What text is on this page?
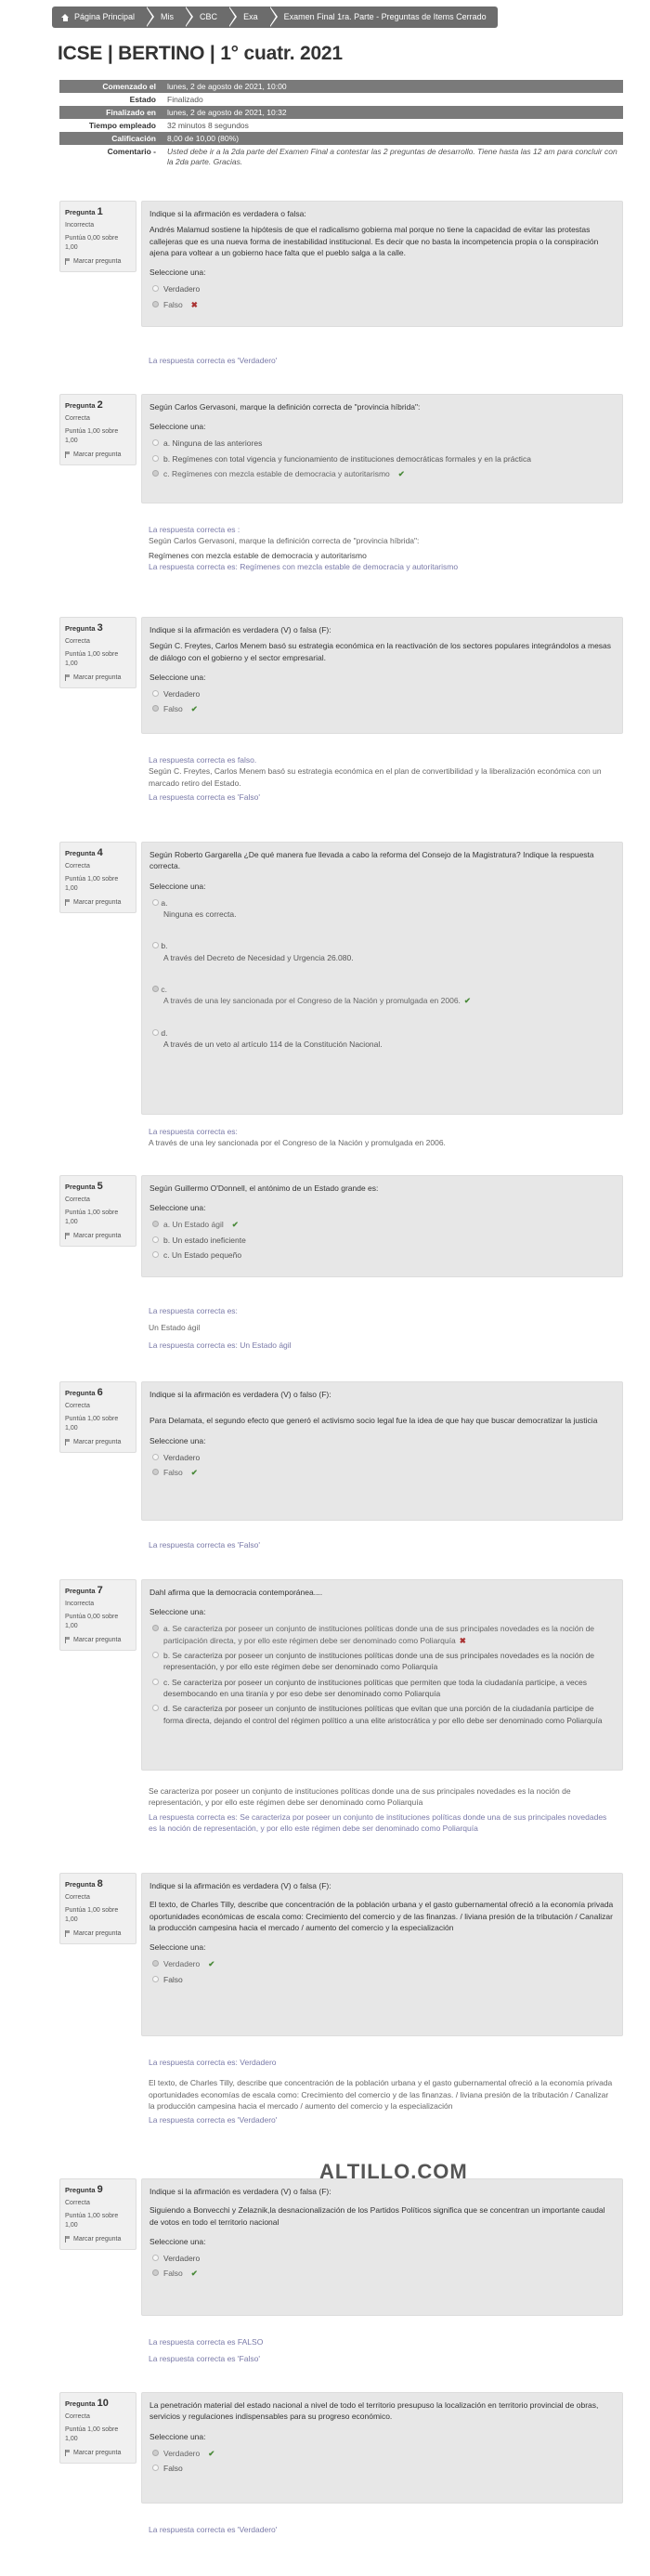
Página Principal	Mis	CBC	Exa	Examen Final 1ra. Parte - Preguntas de Items Cerrado
ICSE | BERTINO | 1° cuatr. 2021
Comenzado el	lunes, 2 de agosto de 2021, 10:00
Estado	Finalizado
Finalizado en	lunes, 2 de agosto de 2021, 10:32
Tiempo empleado	32 minutos 8 segundos
Calificación	8,00 de 10,00 (80%)
Comentario -	Usted debe ir a la 2da parte del Examen Final a contestar las 2 preguntas de desarrollo. Tiene hasta las 12 am para concluir con la 2da parte. Gracias.
Pregunta 1
Incorrecta
Puntúa 0,00 sobre 1,00
Marcar pregunta

Indique si la afirmación es verdadera o falsa:

Andrés Malamud sostiene la hipótesis de que el radicalismo gobierna mal porque no tiene la capacidad de evitar las protestas callejeras que es una nueva forma de inestabilidad institucional. Es decir que no basta la incompetencia propia o la conspiración ajena para voltear a un gobierno hace falta que el pueblo salga a la calle.

Seleccione una:
Verdadero
Falso ✖
La respuesta correcta es 'Verdadero'
Pregunta 2
Correcta
Puntúa 1,00 sobre 1,00
Marcar pregunta

Según Carlos Gervasoni, marque la definición correcta de "provincia híbrida":

Seleccione una:
a. Ninguna de las anteriores
b. Regímenes con total vigencia y funcionamiento de instituciones democráticas formales y en la práctica
c. Regímenes con mezcla estable de democracia y autoritarismo ✔
La respuesta correcta es :
Según Carlos Gervasoni, marque la definición correcta de "provincia híbrida":
Regímenes con mezcla estable de democracia y autoritarismo
La respuesta correcta es: Regímenes con mezcla estable de democracia y autoritarismo
Pregunta 3
Correcta
Puntúa 1,00 sobre 1,00
Marcar pregunta

Indique si la afirmación es verdadera (V) o falsa (F):

Según C. Freytes, Carlos Menem basó su estrategia económica en la reactivación de los sectores populares integrándolos a mesas de diálogo con el gobierno y el sector empresarial.

Seleccione una:
Verdadero
Falso ✔
La respuesta correcta es falso.
Según C. Freytes, Carlos Menem basó su estrategia económica en el plan de convertibilidad y la liberalización económica con un marcado retiro del Estado.
La respuesta correcta es 'Falso'
Pregunta 4
Correcta
Puntúa 1,00 sobre 1,00
Marcar pregunta

Según Roberto Gargarella ¿De qué manera fue llevada a cabo la reforma del Consejo de la Magistratura? Indique la respuesta correcta.

Seleccione una:
a.
Ninguna es correcta.
b.
A través del Decreto de Necesidad y Urgencia 26.080.
c.
A través de una ley sancionada por el Congreso de la Nación y promulgada en 2006. ✔
d.
A través de un veto al artículo 114 de la Constitución Nacional.
La respuesta correcta es:
A través de una ley sancionada por el Congreso de la Nación y promulgada en 2006.
Pregunta 5
Correcta
Puntúa 1,00 sobre 1,00
Marcar pregunta

Según Guillermo O'Donnell, el antónimo de un Estado grande es:

Seleccione una:
a. Un Estado ágil ✔
b. Un estado ineficiente
c. Un Estado pequeño
La respuesta correcta es:
Un Estado ágil
La respuesta correcta es: Un Estado ágil
Pregunta 6
Correcta
Puntúa 1,00 sobre 1,00
Marcar pregunta

Indique si la afirmación es verdadera (V) o falso (F):

Para Delamata, el segundo efecto que generó el activismo socio legal fue la idea de que hay que buscar democratizar la justicia

Seleccione una:
Verdadero
Falso ✔
La respuesta correcta es 'Falso'
Pregunta 7
Incorrecta
Puntúa 0,00 sobre 1,00
Marcar pregunta

Dahl afirma que la democracia contemporánea....

Seleccione una:
a. Se caracteriza por poseer un conjunto de instituciones políticas donde una de sus principales novedades es la noción de participación directa, y por ello este régimen debe ser denominado como Poliarquía ✖
b. Se caracteriza por poseer un conjunto de instituciones políticas donde una de sus principales novedades es la noción de representación, y por ello este régimen debe ser denominado como Poliarquía
c. Se caracteriza por poseer un conjunto de instituciones políticas que permiten que toda la ciudadanía participe, a veces desembocando en una tiranía y por eso debe ser denominado como Poliarquía
d. Se caracteriza por poseer un conjunto de instituciones políticas que evitan que una porción de la ciudadanía participe de forma directa, dejando el control del régimen político a una elite aristocrática y por ello debe ser denominado como Poliarquía
Se caracteriza por poseer un conjunto de instituciones políticas donde una de sus principales novedades es la noción de representación, y por ello este régimen debe ser denominado como Poliarquía
La respuesta correcta es: Se caracteriza por poseer un conjunto de instituciones políticas donde una de sus principales novedades es la noción de representación, y por ello este régimen debe ser denominado como Poliarquía
Pregunta 8
Correcta
Puntúa 1,00 sobre 1,00
Marcar pregunta

Indique si la afirmación es verdadera (V) o falsa (F):

El texto, de Charles Tilly, describe que concentración de la población urbana y el gasto gubernamental ofreció a la economía privada oportunidades económicas de escala como: Crecimiento del comercio y de las finanzas. / liviana presión de la tributación / Canalizar la producción campesina hacia el mercado / aumento del comercio y la especialización

Seleccione una:
Verdadero ✔
Falso
La respuesta correcta es: Verdadero
El texto, de Charles Tilly, describe que concentración de la población urbana y el gasto gubernamental ofreció a la economía privada oportunidades economías de escala como: Crecimiento del comercio y de las finanzas. / liviana presión de la tributación / Canalizar la producción campesina hacia el mercado / aumento del comercio y la especialización
La respuesta correcta es 'Verdadero'
Pregunta 9
Correcta
Puntúa 1,00 sobre 1,00
Marcar pregunta

Indique si la afirmación es verdadera (V) o falsa (F):

Siguiendo a Bonvecchi y Zelaznik,la desnacionalización de los Partidos Políticos significa que se concentran un importante caudal de votos en todo el territorio nacional

Seleccione una:
Verdadero
Falso ✔
La respuesta correcta es FALSO
La respuesta correcta es 'Falso'
ALTILLO.COM
Pregunta 10
Correcta
Puntúa 1,00 sobre 1,00
Marcar pregunta

La penetración material del estado nacional a nivel de todo el territorio presupuso la localización en territorio provincial de obras, servicios y regulaciones indispensables para su progreso económico.

Seleccione una:
Verdadero ✔
Falso
La respuesta correcta es 'Verdadero'
